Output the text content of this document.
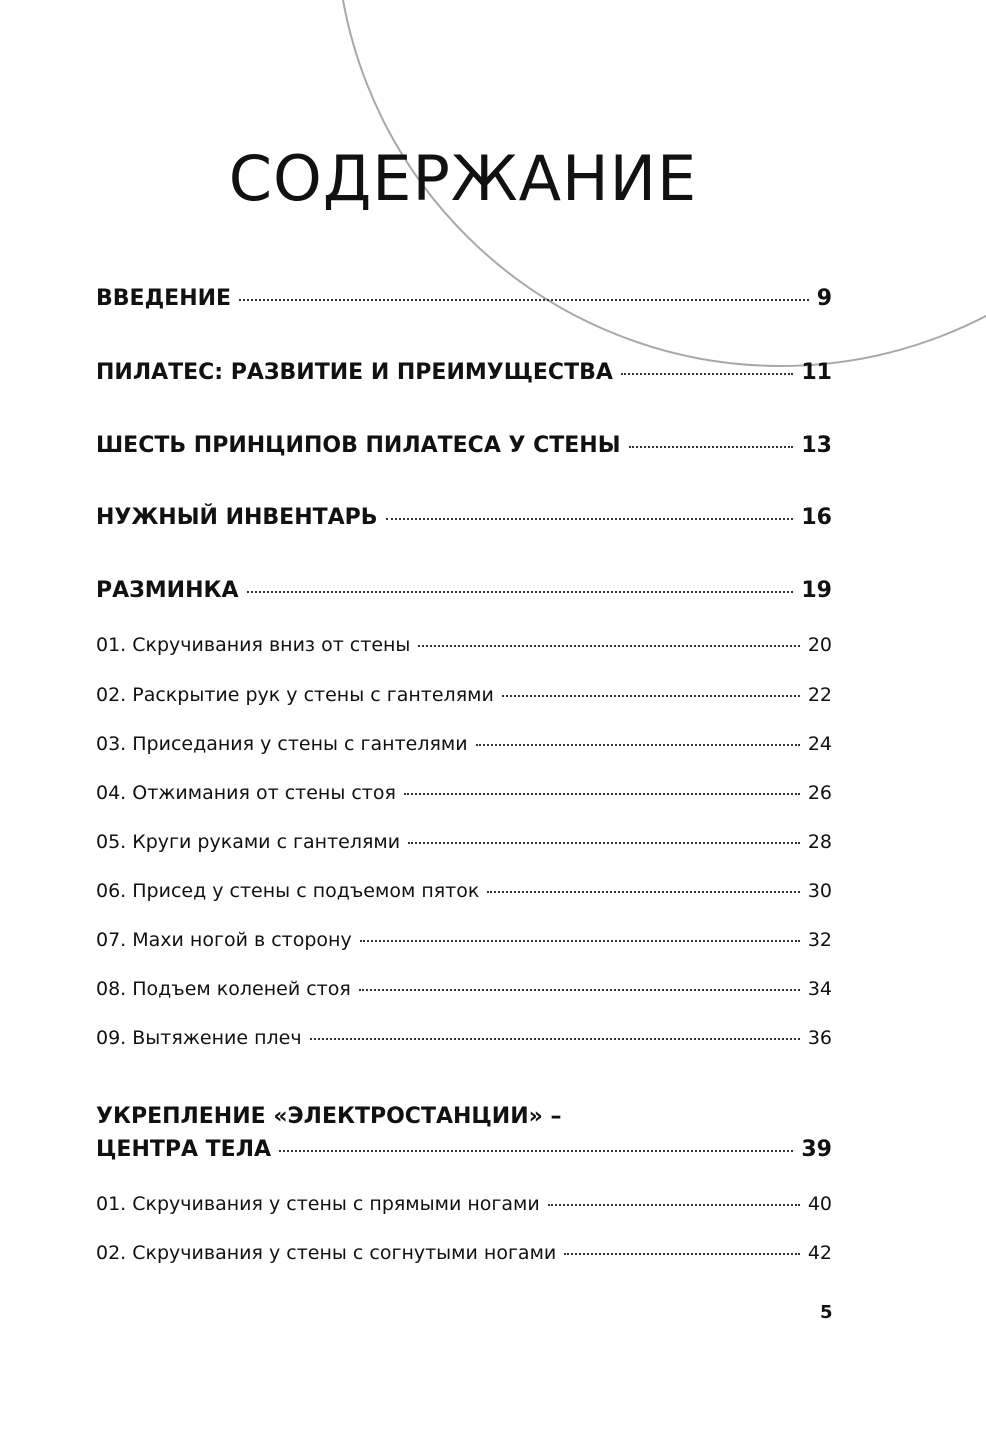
СОДЕРЖАНИЕ
ВВЕДЕНИЕ	9
ПИЛАТЕС: РАЗВИТИЕ И ПРЕИМУЩЕСТВА	11
ШЕСТЬ ПРИНЦИПОВ ПИЛАТЕСА У СТЕНЫ	13
НУЖНЫЙ ИНВЕНТАРЬ	16
РАЗМИНКА	19
01. Скручивания вниз от стены	20
02. Раскрытие рук у стены с гантелями	22
03. Приседания у стены с гантелями	24
04. Отжимания от стены стоя	26
05. Круги руками с гантелями	28
06. Присед у стены с подъемом пяток	30
07. Махи ногой в сторону	32
08. Подъем коленей стоя	34
09. Вытяжение плеч	36
УКРЕПЛЕНИЕ «ЭЛЕКТРОСТАНЦИИ» –
ЦЕНТРА ТЕЛА	39
01. Скручивания у стены с прямыми ногами	40
02. Скручивания у стены с согнутыми ногами	42
5
